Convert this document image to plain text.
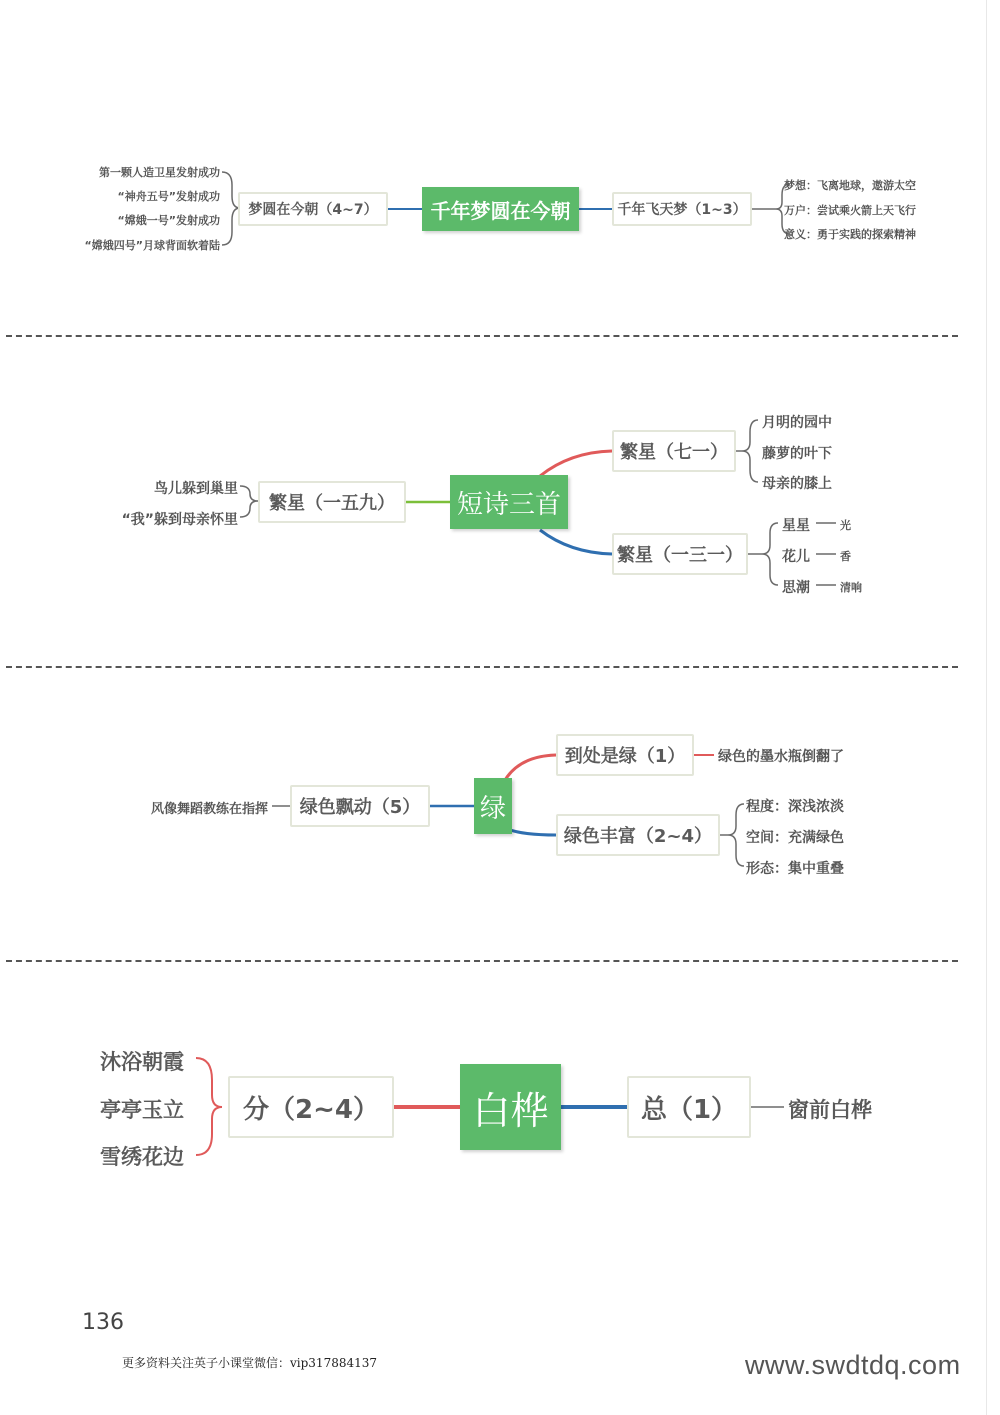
第一颗人造卫星发射成功
“神舟五号”发射成功
“嫦娥一号”发射成功
“嫦娥四号”月球背面软着陆
梦圆在今朝（4~7）	千年梦圆在今朝	千年飞天梦（1~3）
梦想：飞离地球，遨游太空
万户：尝试乘火箭上天飞行
意义：勇于实践的探索精神
鸟儿躲到巢里
“我”躲到母亲怀里
繁星（一五九）	短诗三首
繁星（七一）
繁星（一三一）
月明的园中
藤萝的叶下
母亲的膝上
星星	光
花儿	香
思潮	清响
风像舞蹈教练在指挥	绿色飘动（5）	绿
到处是绿（1）	绿色的墨水瓶倒翻了
绿色丰富（2~4）
程度：深浅浓淡
空间：充满绿色
形态：集中重叠
沐浴朝霞
亭亭玉立
雪绣花边
分（2~4）	白桦	总（1）	窗前白桦
136
更多资料关注英子小课堂微信：vip317884137	www.swdtdq.com
